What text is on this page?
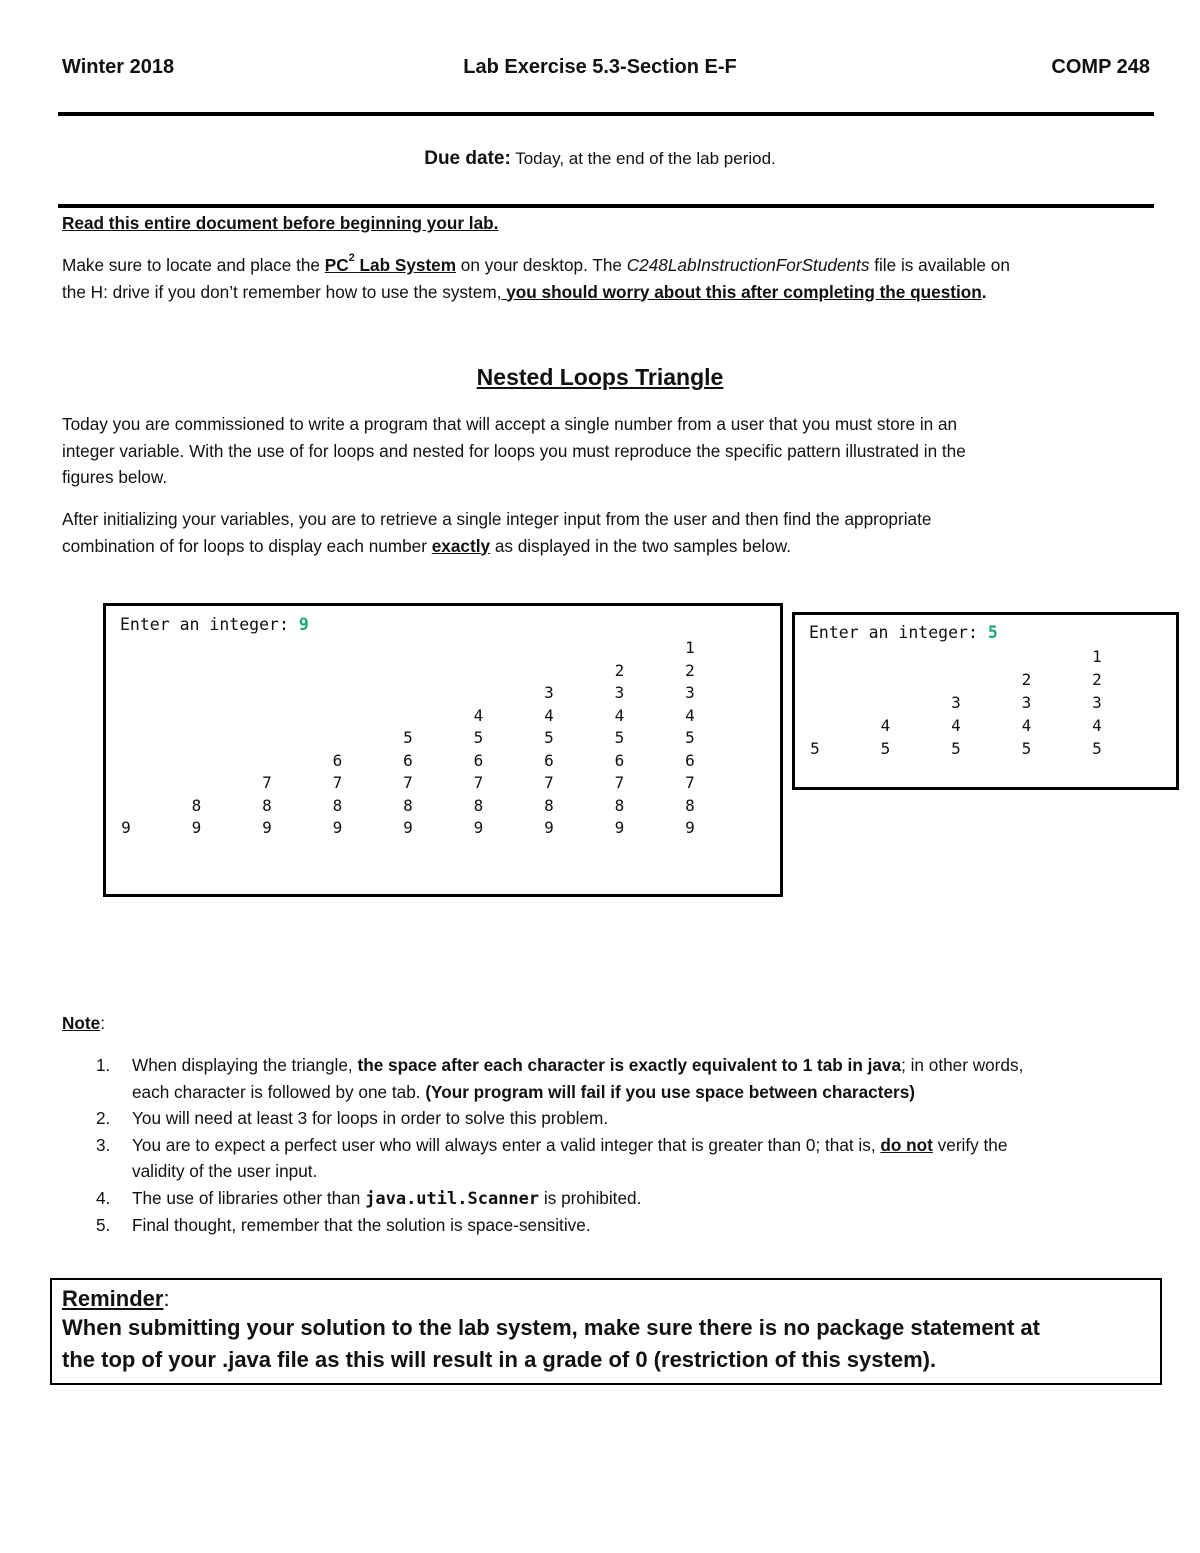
Winter 2018	Lab Exercise 5.3-Section E-F	COMP 248
Due date: Today, at the end of the lab period.
Read this entire document before beginning your lab.
Make sure to locate and place the $PC^2$ Lab System on your desktop. The C248LabInstructionForStudents file is available on
the H: drive if you don’t remember how to use the system, you should worry about this after completing the question.
Nested Loops Triangle
Today you are commissioned to write a program that will accept a single number from a user that you must store in an
integer variable. With the use of for loops and nested for loops you must reproduce the specific pattern illustrated in the
figures below.
After initializing your variables, you are to retrieve a single integer input from the user and then find the appropriate
combination of for loops to display each number exactly as displayed in the two samples below.
Enter an integer: 9
1
2	2
3	3	3
4	4	4	4
5	5	5	5	5
6	6	6	6	6	6
7	7	7	7	7	7	7
8	8	8	8	8	8	8	8
9	9	9	9	9	9	9	9	9
Enter an integer: 5
1
2	2
3	3	3
4	4	4	4
5	5	5	5	5
Note:
1. When displaying the triangle, the space after each character is exactly equivalent to 1 tab in java; in other words,
each character is followed by one tab. (Your program will fail if you use space between characters)
2. You will need at least 3 for loops in order to solve this problem.
3. You are to expect a perfect user who will always enter a valid integer that is greater than 0; that is, do not verify the
validity of the user input.
4. The use of libraries other than java.util.Scanner is prohibited.
5. Final thought, remember that the solution is space-sensitive.
Reminder:
When submitting your solution to the lab system, make sure there is no package statement at
the top of your .java file as this will result in a grade of 0 (restriction of this system).
